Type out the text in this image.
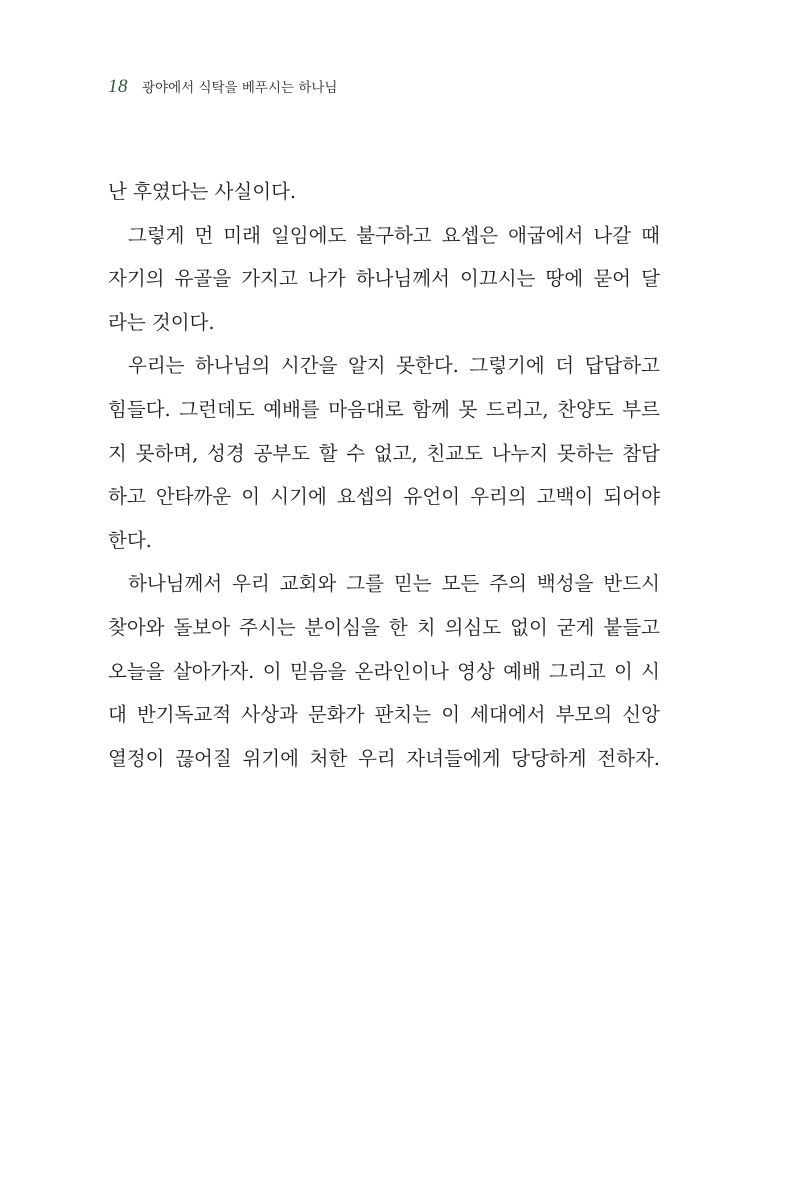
18 광야에서 식탁을 베푸시는 하나님
난 후였다는 사실이다.
그렇게 먼 미래 일임에도 불구하고 요셉은 애굽에서 나갈 때
자기의 유골을 가지고 나가 하나님께서 이끄시는 땅에 묻어 달
라는 것이다.
우리는 하나님의 시간을 알지 못한다. 그렇기에 더 답답하고
힘들다. 그런데도 예배를 마음대로 함께 못 드리고, 찬양도 부르
지 못하며, 성경 공부도 할 수 없고, 친교도 나누지 못하는 참담
하고 안타까운 이 시기에 요셉의 유언이 우리의 고백이 되어야
한다.
하나님께서 우리 교회와 그를 믿는 모든 주의 백성을 반드시
찾아와 돌보아 주시는 분이심을 한 치 의심도 없이 굳게 붙들고
오늘을 살아가자. 이 믿음을 온라인이나 영상 예배 그리고 이 시
대 반기독교적 사상과 문화가 판치는 이 세대에서 부모의 신앙
열정이 끊어질 위기에 처한 우리 자녀들에게 당당하게 전하자.
